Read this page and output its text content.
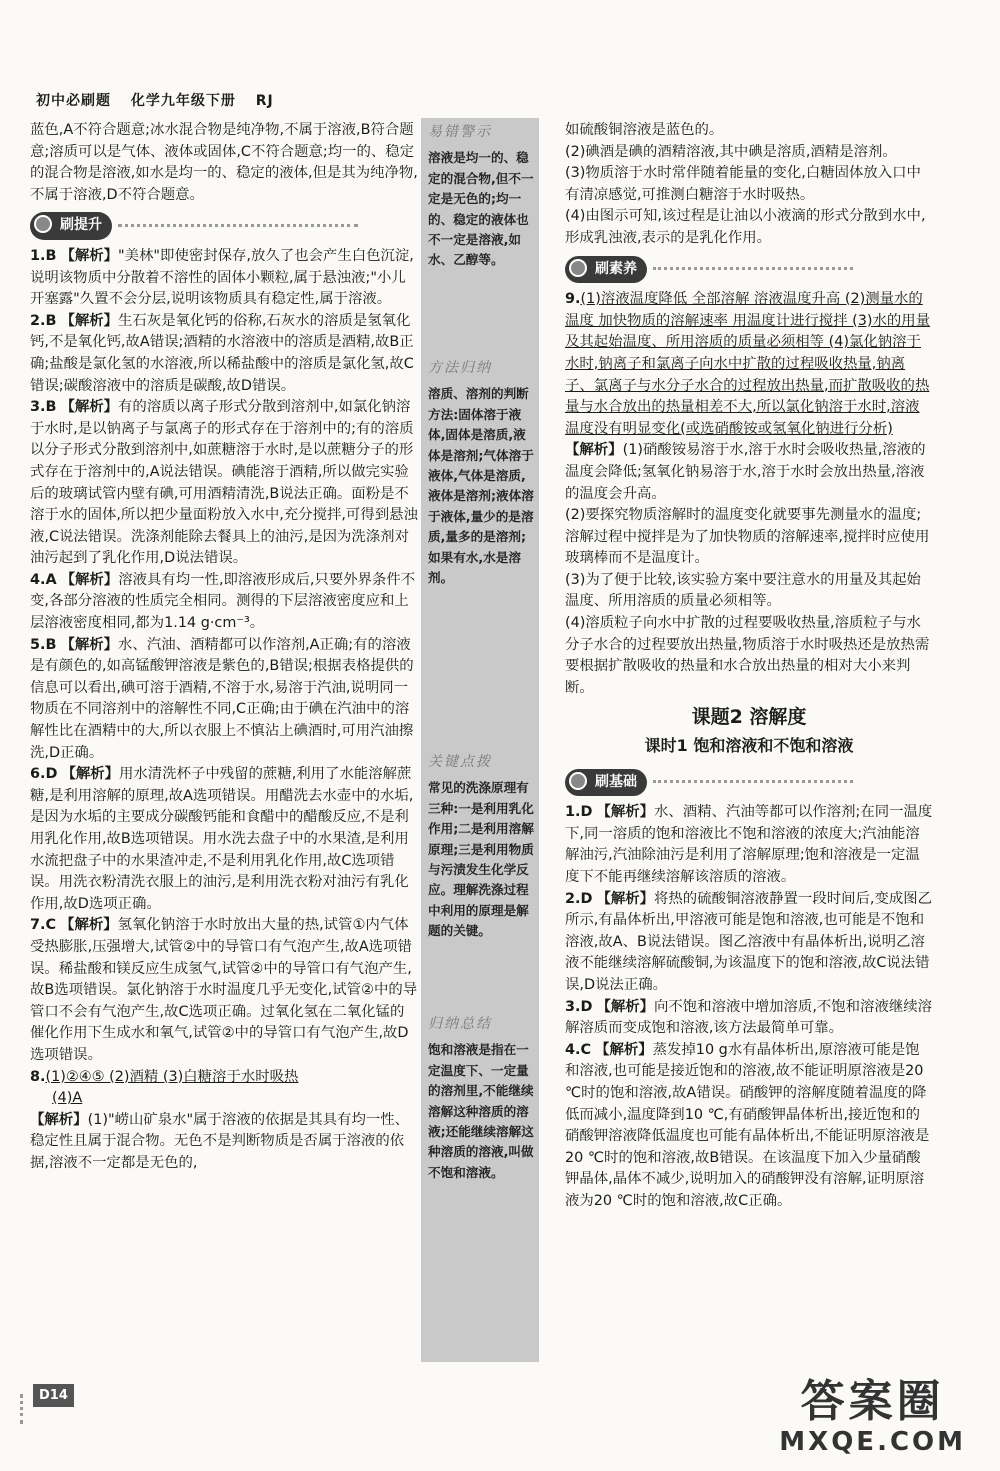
初中必刷题 化学九年级下册 RJ

蓝色,A不符合题意;冰水混合物是纯净物,不属于溶液,B符合题意;溶质可以是气体、液体或固体,C不符合题意;均一的、稳定的混合物是溶液,如水是均一的、稳定的液体,但是其为纯净物,不属于溶液,D不符合题意。

刷提升

1.B 【解析】"美林"即使密封保存,放久了也会产生白色沉淀,说明该物质中分散着不溶性的固体小颗粒,属于悬浊液;"小儿开塞露"久置不会分层,说明该物质具有稳定性,属于溶液。

2.B 【解析】生石灰是氧化钙的俗称,石灰水的溶质是氢氧化钙,不是氧化钙,故A错误;酒精的水溶液中的溶质是酒精,故B正确;盐酸是氯化氢的水溶液,所以稀盐酸中的溶质是氯化氢,故C错误;碳酸溶液中的溶质是碳酸,故D错误。

3.B 【解析】有的溶质以离子形式分散到溶剂中,如氯化钠溶于水时,是以钠离子与氯离子的形式存在于溶剂中的;有的溶质以分子形式分散到溶剂中,如蔗糖溶于水时,是以蔗糖分子的形式存在于溶剂中的,A说法错误。碘能溶于酒精,所以做完实验后的玻璃试管内壁有碘,可用酒精清洗,B说法正确。面粉是不溶于水的固体,所以把少量面粉放入水中,充分搅拌,可得到悬浊液,C说法错误。洗涤剂能除去餐具上的油污,是因为洗涤剂对油污起到了乳化作用,D说法错误。

4.A 【解析】溶液具有均一性,即溶液形成后,只要外界条件不变,各部分溶液的性质完全相同。测得的下层溶液密度应和上层溶液密度相同,都为1.14 g·cm⁻³。

5.B 【解析】水、汽油、酒精都可以作溶剂,A正确;有的溶液是有颜色的,如高锰酸钾溶液是紫色的,B错误;根据表格提供的信息可以看出,碘可溶于酒精,不溶于水,易溶于汽油,说明同一物质在不同溶剂中的溶解性不同,C正确;由于碘在汽油中的溶解性比在酒精中的大,所以衣服上不慎沾上碘酒时,可用汽油擦洗,D正确。

6.D 【解析】用水清洗杯子中残留的蔗糖,利用了水能溶解蔗糖,是利用溶解的原理,故A选项错误。用醋洗去水壶中的水垢,是因为水垢的主要成分碳酸钙能和食醋中的醋酸反应,不是利用乳化作用,故B选项错误。用水洗去盘子中的水果渣,是利用水流把盘子中的水果渣冲走,不是利用乳化作用,故C选项错误。用洗衣粉清洗衣服上的油污,是利用洗衣粉对油污有乳化作用,故D选项正确。

7.C 【解析】氢氧化钠溶于水时放出大量的热,试管①内气体受热膨胀,压强增大,试管②中的导管口有气泡产生,故A选项错误。稀盐酸和镁反应生成氢气,试管②中的导管口有气泡产生,故B选项错误。氯化钠溶于水时温度几乎无变化,试管②中的导管口不会有气泡产生,故C选项正确。过氧化氢在二氧化锰的催化作用下生成水和氧气,试管②中的导管口有气泡产生,故D选项错误。

8.(1)②④⑤ (2)酒精 (3)白糖溶于水时吸热

(4)A

【解析】(1)"崂山矿泉水"属于溶液的依据是其具有均一性、稳定性且属于混合物。无色不是判断物质是否属于溶液的依据,溶液不一定都是无色的,

易错警示
溶液是均一的、稳定的混合物,但不一定是无色的;均一的、稳定的液体也不一定是溶液,如水、乙醇等。
方法归纳
溶质、溶剂的判断方法:固体溶于液体,固体是溶质,液体是溶剂;气体溶于液体,气体是溶质,液体是溶剂;液体溶于液体,量少的是溶质,量多的是溶剂;如果有水,水是溶剂。
关键点拨
常见的洗涤原理有三种:一是利用乳化作用;二是利用溶解原理;三是利用物质与污渍发生化学反应。理解洗涤过程中利用的原理是解题的关键。
归纳总结
饱和溶液是指在一定温度下、一定量的溶剂里,不能继续溶解这种溶质的溶液;还能继续溶解这种溶质的溶液,叫做不饱和溶液。

如硫酸铜溶液是蓝色的。

(2)碘酒是碘的酒精溶液,其中碘是溶质,酒精是溶剂。

(3)物质溶于水时常伴随着能量的变化,白糖固体放入口中有清凉感觉,可推测白糖溶于水时吸热。

(4)由图示可知,该过程是让油以小液滴的形式分散到水中,形成乳浊液,表示的是乳化作用。

刷素养

9.(1)溶液温度降低 全部溶解 溶液温度升高 (2)测量水的温度 加快物质的溶解速率 用温度计进行搅拌 (3)水的用量及其起始温度、所用溶质的质量必须相等 (4)氯化钠溶于水时,钠离子和氯离子向水中扩散的过程吸收热量,钠离子、氯离子与水分子水合的过程放出热量,而扩散吸收的热量与水合放出的热量相差不大,所以氯化钠溶于水时,溶液温度没有明显变化(或选硝酸铵或氢氧化钠进行分析)

【解析】(1)硝酸铵易溶于水,溶于水时会吸收热量,溶液的温度会降低;氢氧化钠易溶于水,溶于水时会放出热量,溶液的温度会升高。

(2)要探究物质溶解时的温度变化就要事先测量水的温度;溶解过程中搅拌是为了加快物质的溶解速率,搅拌时应使用玻璃棒而不是温度计。

(3)为了便于比较,该实验方案中要注意水的用量及其起始温度、所用溶质的质量必须相等。

(4)溶质粒子向水中扩散的过程要吸收热量,溶质粒子与水分子水合的过程要放出热量,物质溶于水时吸热还是放热需要根据扩散吸收的热量和水合放出热量的相对大小来判断。

课题2 溶解度
课时1 饱和溶液和不饱和溶液
刷基础

1.D 【解析】水、酒精、汽油等都可以作溶剂;在同一温度下,同一溶质的饱和溶液比不饱和溶液的浓度大;汽油能溶解油污,汽油除油污是利用了溶解原理;饱和溶液是一定温度下不能再继续溶解该溶质的溶液。

2.D 【解析】将热的硫酸铜溶液静置一段时间后,变成图乙所示,有晶体析出,甲溶液可能是饱和溶液,也可能是不饱和溶液,故A、B说法错误。图乙溶液中有晶体析出,说明乙溶液不能继续溶解硫酸铜,为该温度下的饱和溶液,故C说法错误,D说法正确。

3.D 【解析】向不饱和溶液中增加溶质,不饱和溶液继续溶解溶质而变成饱和溶液,该方法最简单可靠。

4.C 【解析】蒸发掉10 g水有晶体析出,原溶液可能是饱和溶液,也可能是接近饱和的溶液,故不能证明原溶液是20 ℃时的饱和溶液,故A错误。硝酸钾的溶解度随着温度的降低而减小,温度降到10 ℃,有硝酸钾晶体析出,接近饱和的硝酸钾溶液降低温度也可能有晶体析出,不能证明原溶液是20 ℃时的饱和溶液,故B错误。在该温度下加入少量硝酸钾晶体,晶体不减少,说明加入的硝酸钾没有溶解,证明原溶液为20 ℃时的饱和溶液,故C正确。

D14	答案圈
MXQE.COM
